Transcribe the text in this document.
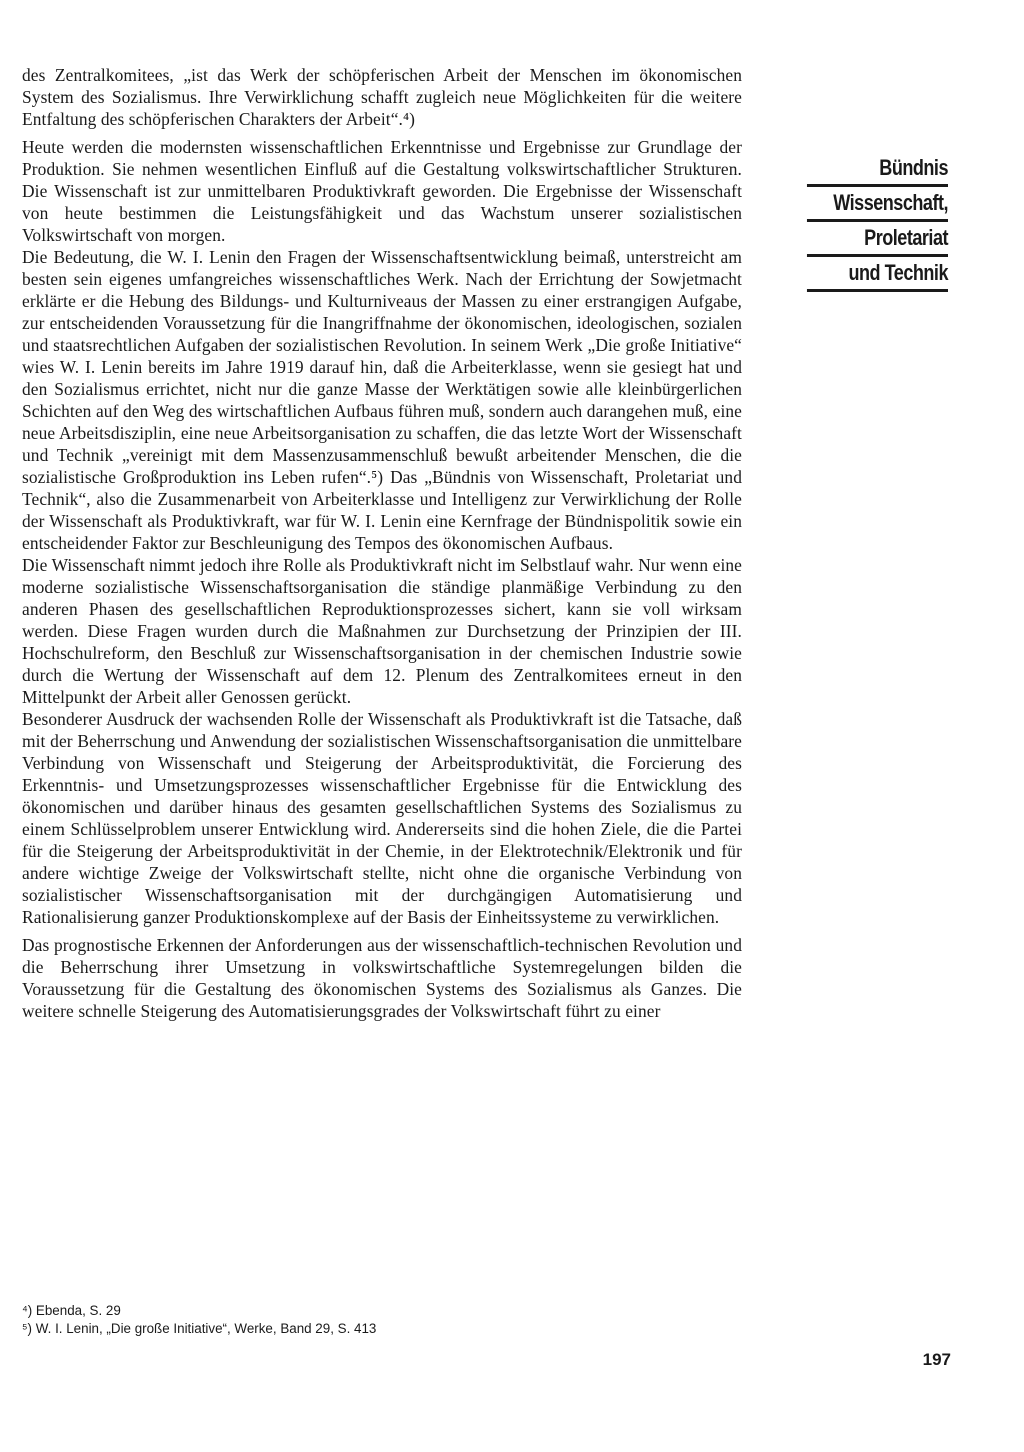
des Zentralkomitees, „ist das Werk der schöpferischen Arbeit der Menschen im ökonomischen System des Sozialismus. Ihre Verwirklichung schafft zugleich neue Möglichkeiten für die weitere Entfaltung des schöpferischen Charakters der Arbeit“.⁴)

Heute werden die modernsten wissenschaftlichen Erkenntnisse und Ergebnisse zur Grundlage der Produktion. Sie nehmen wesentlichen Einfluß auf die Gestaltung volkswirtschaftlicher Strukturen. Die Wissenschaft ist zur unmittelbaren Produktivkraft geworden. Die Ergebnisse der Wissenschaft von heute bestimmen die Leistungsfähigkeit und das Wachstum unserer sozialistischen Volkswirtschaft von morgen.

Die Bedeutung, die W. I. Lenin den Fragen der Wissenschaftsentwicklung beimaß, unterstreicht am besten sein eigenes umfangreiches wissenschaftliches Werk. Nach der Errichtung der Sowjetmacht erklärte er die Hebung des Bildungs- und Kulturniveaus der Massen zu einer erstrangigen Aufgabe, zur entscheidenden Voraussetzung für die Inangriffnahme der ökonomischen, ideologischen, sozialen und staatsrechtlichen Aufgaben der sozialistischen Revolution. In seinem Werk „Die große Initiative“ wies W. I. Lenin bereits im Jahre 1919 darauf hin, daß die Arbeiterklasse, wenn sie gesiegt hat und den Sozialismus errichtet, nicht nur die ganze Masse der Werktätigen sowie alle kleinbürgerlichen Schichten auf den Weg des wirtschaftlichen Aufbaus führen muß, sondern auch darangehen muß, eine neue Arbeitsdisziplin, eine neue Arbeitsorganisation zu schaffen, die das letzte Wort der Wissenschaft und Technik „vereinigt mit dem Massenzusammenschluß bewußt arbeitender Menschen, die die sozialistische Großproduktion ins Leben rufen“.⁵) Das „Bündnis von Wissenschaft, Proletariat und Technik“, also die Zusammenarbeit von Arbeiterklasse und Intelligenz zur Verwirklichung der Rolle der Wissenschaft als Produktivkraft, war für W. I. Lenin eine Kernfrage der Bündnispolitik sowie ein entscheidender Faktor zur Beschleunigung des Tempos des ökonomischen Aufbaus.

Die Wissenschaft nimmt jedoch ihre Rolle als Produktivkraft nicht im Selbstlauf wahr. Nur wenn eine moderne sozialistische Wissenschaftsorganisation die ständige planmäßige Verbindung zu den anderen Phasen des gesellschaftlichen Reproduktionsprozesses sichert, kann sie voll wirksam werden. Diese Fragen wurden durch die Maßnahmen zur Durchsetzung der Prinzipien der III. Hochschulreform, den Beschluß zur Wissenschaftsorganisation in der chemischen Industrie sowie durch die Wertung der Wissenschaft auf dem 12. Plenum des Zentralkomitees erneut in den Mittelpunkt der Arbeit aller Genossen gerückt.

Besonderer Ausdruck der wachsenden Rolle der Wissenschaft als Produktivkraft ist die Tatsache, daß mit der Beherrschung und Anwendung der sozialistischen Wissenschaftsorganisation die unmittelbare Verbindung von Wissenschaft und Steigerung der Arbeitsproduktivität, die Forcierung des Erkenntnis- und Umsetzungsprozesses wissenschaftlicher Ergebnisse für die Entwicklung des ökonomischen und darüber hinaus des gesamten gesellschaftlichen Systems des Sozialismus zu einem Schlüsselproblem unserer Entwicklung wird. Andererseits sind die hohen Ziele, die die Partei für die Steigerung der Arbeitsproduktivität in der Chemie, in der Elektrotechnik/Elektronik und für andere wichtige Zweige der Volkswirtschaft stellte, nicht ohne die organische Verbindung von sozialistischer Wissenschaftsorganisation mit der durchgängigen Automatisierung und Rationalisierung ganzer Produktionskomplexe auf der Basis der Einheitssysteme zu verwirklichen.

Das prognostische Erkennen der Anforderungen aus der wissenschaftlich-technischen Revolution und die Beherrschung ihrer Umsetzung in volkswirtschaftliche Systemregelungen bilden die Voraussetzung für die Gestaltung des ökonomischen Systems des Sozialismus als Ganzes. Die weitere schnelle Steigerung des Automatisierungsgrades der Volkswirtschaft führt zu einer

Bündnis
Wissenschaft,
Proletariat
und Technik
⁴) Ebenda, S. 29
⁵) W. I. Lenin, „Die große Initiative“, Werke, Band 29, S. 413
197
